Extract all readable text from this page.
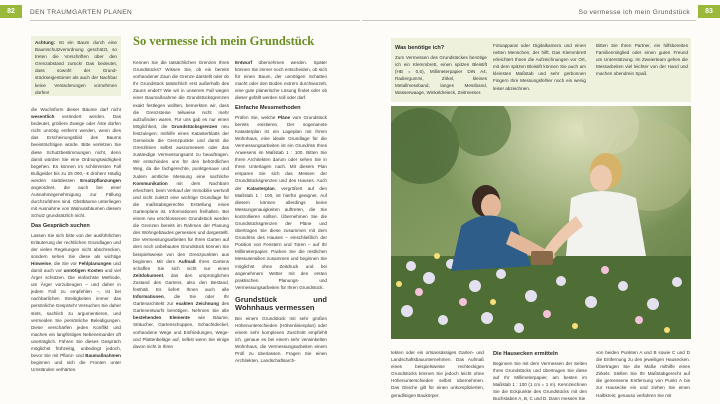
82	DEN TRAUMGARTEN PLANEN	So vermesse ich mein Grundstück	83

Achtung: Ist ein Baum durch eine Baumschutzverordnung geschützt, so treten die Vorschriften über den Grenzabstand zurück! Das bedeutet, dass sowohl der Grund-stückseigentümer als auch der Nachbar keine Veränderungen vornehmen dürfen!

die Wuchsform dieser Bäume darf nicht wesentlich verändert werden. Das bedeutet, größere Zweige oder Äste dürfen nicht unnötig entfernt werden, wenn dies das Erscheinungsbild des Baums beeinträchtigen würde. Bitte verletzen Sie diese Schutzbestimmungen nicht, denn damit würden Sie eine Ordnungswidrigkeit begehen. Es können im schlimmsten Fall Bußgelder bis zu 25 000,- € drohen! Häufig werden stattdessen Ersatzpflanzungen angeordnet, die auch bei einer Ausnahmegenehmigung zur Fällung durchzuführen sind. Obstbäume unterliegen mit Ausnahme von Walnussbäumen diesem Schutz grundsätzlich nicht.

Das Gespräch suchen

Lassen Sie sich bitte von der ausführlichen Erläuterung der rechtlichen Grundlagen und der vielen Regelungen nicht abschrecken, sondern sehen Sie diese als wichtige Hinweise, die Sie vor Fehlplanungen und damit auch vor unnötigen Kosten und viel Ärger schützen. Die einfachste Methode, um Ärger vorzubeugen – und daher in jedem Fall zu empfehlen –, ist bei nachbarlichen Streitigkeiten immer das persönliche Gespräch! Versuchen Sie daher stets, sachlich zu argumentieren, und vermeiden Sie persönliche Beleidigungen. Diese verschärfen jeden Konflikt und machen ein langfristiges Nebeneinander oft unerträglich. Führen Sie dieses Gespräch möglichst frühzeitig, unbedingt jedoch, bevor Sie mit Pflanz- und Baumaßnahmen beginnen und sich die Fronten unter Umständen verhärten.

So vermesse ich mein Grundstück

Kennen Sie die tatsächlichen Grenzen Ihres Grundstücks? Wissen Sie, ob ein bereits vorhandener Zaun die Grenze darstellt oder ob Ihr Grundstück tatsächlich erst außerhalb des Zauns endet? Wie wir in unserem Fall wegen einer Baumaßnahme die Grundstücksgrenzen exakt festlegen wollten, bemerkten wir, dass die Grenzsteine teilweise nicht mehr aufzufinden waren. Für uns gab es nur einen Möglichkeit, die Grundstücksgrenzen neu festzulegen: mithilfe eines Katasterblatts der Gemeinde die Grenzpunkte und damit die Grenzlinien selbst auszumessen oder das zuständige Vermessungsamt zu beauftragen. Wir entschieden uns für den behördlichen Weg, da die fachgerechte, punktgenaue und zudem amtliche Messung eine sachliche Kommunikation mit dem Nachbarn erleichtert, beim Verkauf der Immobilie wertvoll und nicht zuletzt eine wichtige Grundlage für die maßstabsgerechte Erstellung eines Gartenplans ist. Informationen freihalten. Bei einem neu erschlossenen Grundstück werden die Grenzen bereits im Rahmen der Planung des Wohngebäudes gemessen und dargestellt. Die Vermessungsarbeiten für Ihren Garten auf dem noch unbebauten Grundstück können Sie beispielsweise von den Grenzpunkten aus beginnen. Mit dem Aufmaß Ihres Gartens schaffen Sie sich nicht nur einen Zeitdokument, das den ursprünglichen Zustand des Gartens, also den Bestand, festhält. Es liefert Ihnen auch alle Informationen, die Sie oder Ihr Gartenarchitekt zur exakten Zeichnung des Gartenentwurfs benötigen. Nehmen Sie alle bestehenden Elemente wie Bäume, Sträucher, Gartenschuppen, Schachtdeckel, vorhandene Wege und Einfriedungen, Wege- und Plattenbeläge auf, selbst wenn Sie einige davon nicht in Ihren

Entwurf übernehmen werden. Später können Sie immer noch entscheiden, ob sich für einen Baum, der unnötigen Schatten macht oder den Boden extrem durchwurzelt, eine gute planerische Lösung findet oder ob dieser gefällt werden soll oder darf.

Einfache Messmethoden

Prüfen Sie, welche Pläne vom Grundstück bereits existieren. Der sogenannte Katasterplan ist ein Lageplan mit Ihrem Wohnhaus, eine ideale Grundlage für die Vermessungsarbeiten ist ein Grundriss Ihres Anwesens im Maßstab 1 : 100. Bitten Sie Ihren Architekten darum oder sehen Sie in Ihren Unterlagen nach. Mit diesem Plan ersparen Sie sich das Messen der Grundstücksgrenzen und des Hauses. Auch der Katasterplan, vergrößert auf den Maßstab 1 : 100, ist hierfür geeignet. Auf diesem können allerdings keine Messungenauigkeiten auftreten, die Sie kontrollieren sollten. Übernehmen Sie die Grundstücksgrenzen der Pläne und übertragen Sie diese zusammen mit dem Grundriss des Hauses – einschließlich der Position von Fenstern und Türen – auf Ihr Millimeterpapier. Packen Sie die restlichen Messutensilien zusammen und beginnen Sie möglichst ohne Zeitdruck und bei angenehmem Wetter mit den ersten praktischen Planungs- und Vermessungsarbeiten für Ihren Grundstück.

Grundstück und Wohnhaus vermessen

Bei einem Grundstück mit sehr großen Höhenunterschieden (Höhenlinienplan) oder einem sehr komplexen Zuschnitt empfiehlt ich, genaue es bei einem sehr verwinkelten Wohnhaus, die Vermessungsarbeiten einem Profi zu überlassen. Fragen Sie einen Architekten, Landschaftsarch-

Was benötige ich?

Zum Vermessen des Grundstückes benötige ich ein Klemmbrett, einen spitzen Bleistift (HB = 0,5), Millimeterpapier DIN A4, Radiergummi, Zirkel, kleines Metallmessband, langes Messband, Wasserwaage, Winkeldreieck, Zeitmesser.

Fotoapparat oder Digitalkamera und einen netten Menschen, der hilft. Das Klemmbrett erleichtert Ihnen die Aufzeichnungen vor Ort, mit dem spitzen Bleistift können Sie auch am kleinsten Maßstab und sehr gerbonnen Fingern Ihre Messungsfehler noch ein wenig leiser abzeichnen.

Bitten Sie Ihren Partner, ein hilfsbereites Familienmitglied oder einen guten Freund um Unterstützung. Im Zweierteam gehen die Messarbeiten viel leichter von der Hand und machen obendrein Spaß.

tekten oder ein ortsansässiges Garten- und Landschaftsbauunternehmen. Das Aufmaß eines beispielsweise rechteckigen Grundstücks können Sie jedoch leicht ohne Höhenunterschieden selbst übernehmen. Das Gleiche gilt für einen unkomplizierten, geradlinigen Baukörper.

Die Hausecken ermitteln

Beginnen Sie mit dem Vermessen der Seiten Ihres Grundstücks und übertragen Sie diese auf Ihr Millimeterpapier, am besten im Maßstab 1 : 100 (1 cm = 1 m). Kennzeichnen Sie die Eckpunkte des Grundstücks mit den Buchstaben A, B, C und D. Dann messen Sie

von beiden Punkten A und B sowie C und D die Entfernung zu den jeweiligen Hausecken. Übertragen Sie die Maße mithilfe eines Zirkels. Stellen Sie Ihr Maßstabgerecht auf die gemessene Entfernung von Punkt A bis zur Hausecke ein und ziehen Sie einen Halbkreis; genauso verfahren Sie mit
